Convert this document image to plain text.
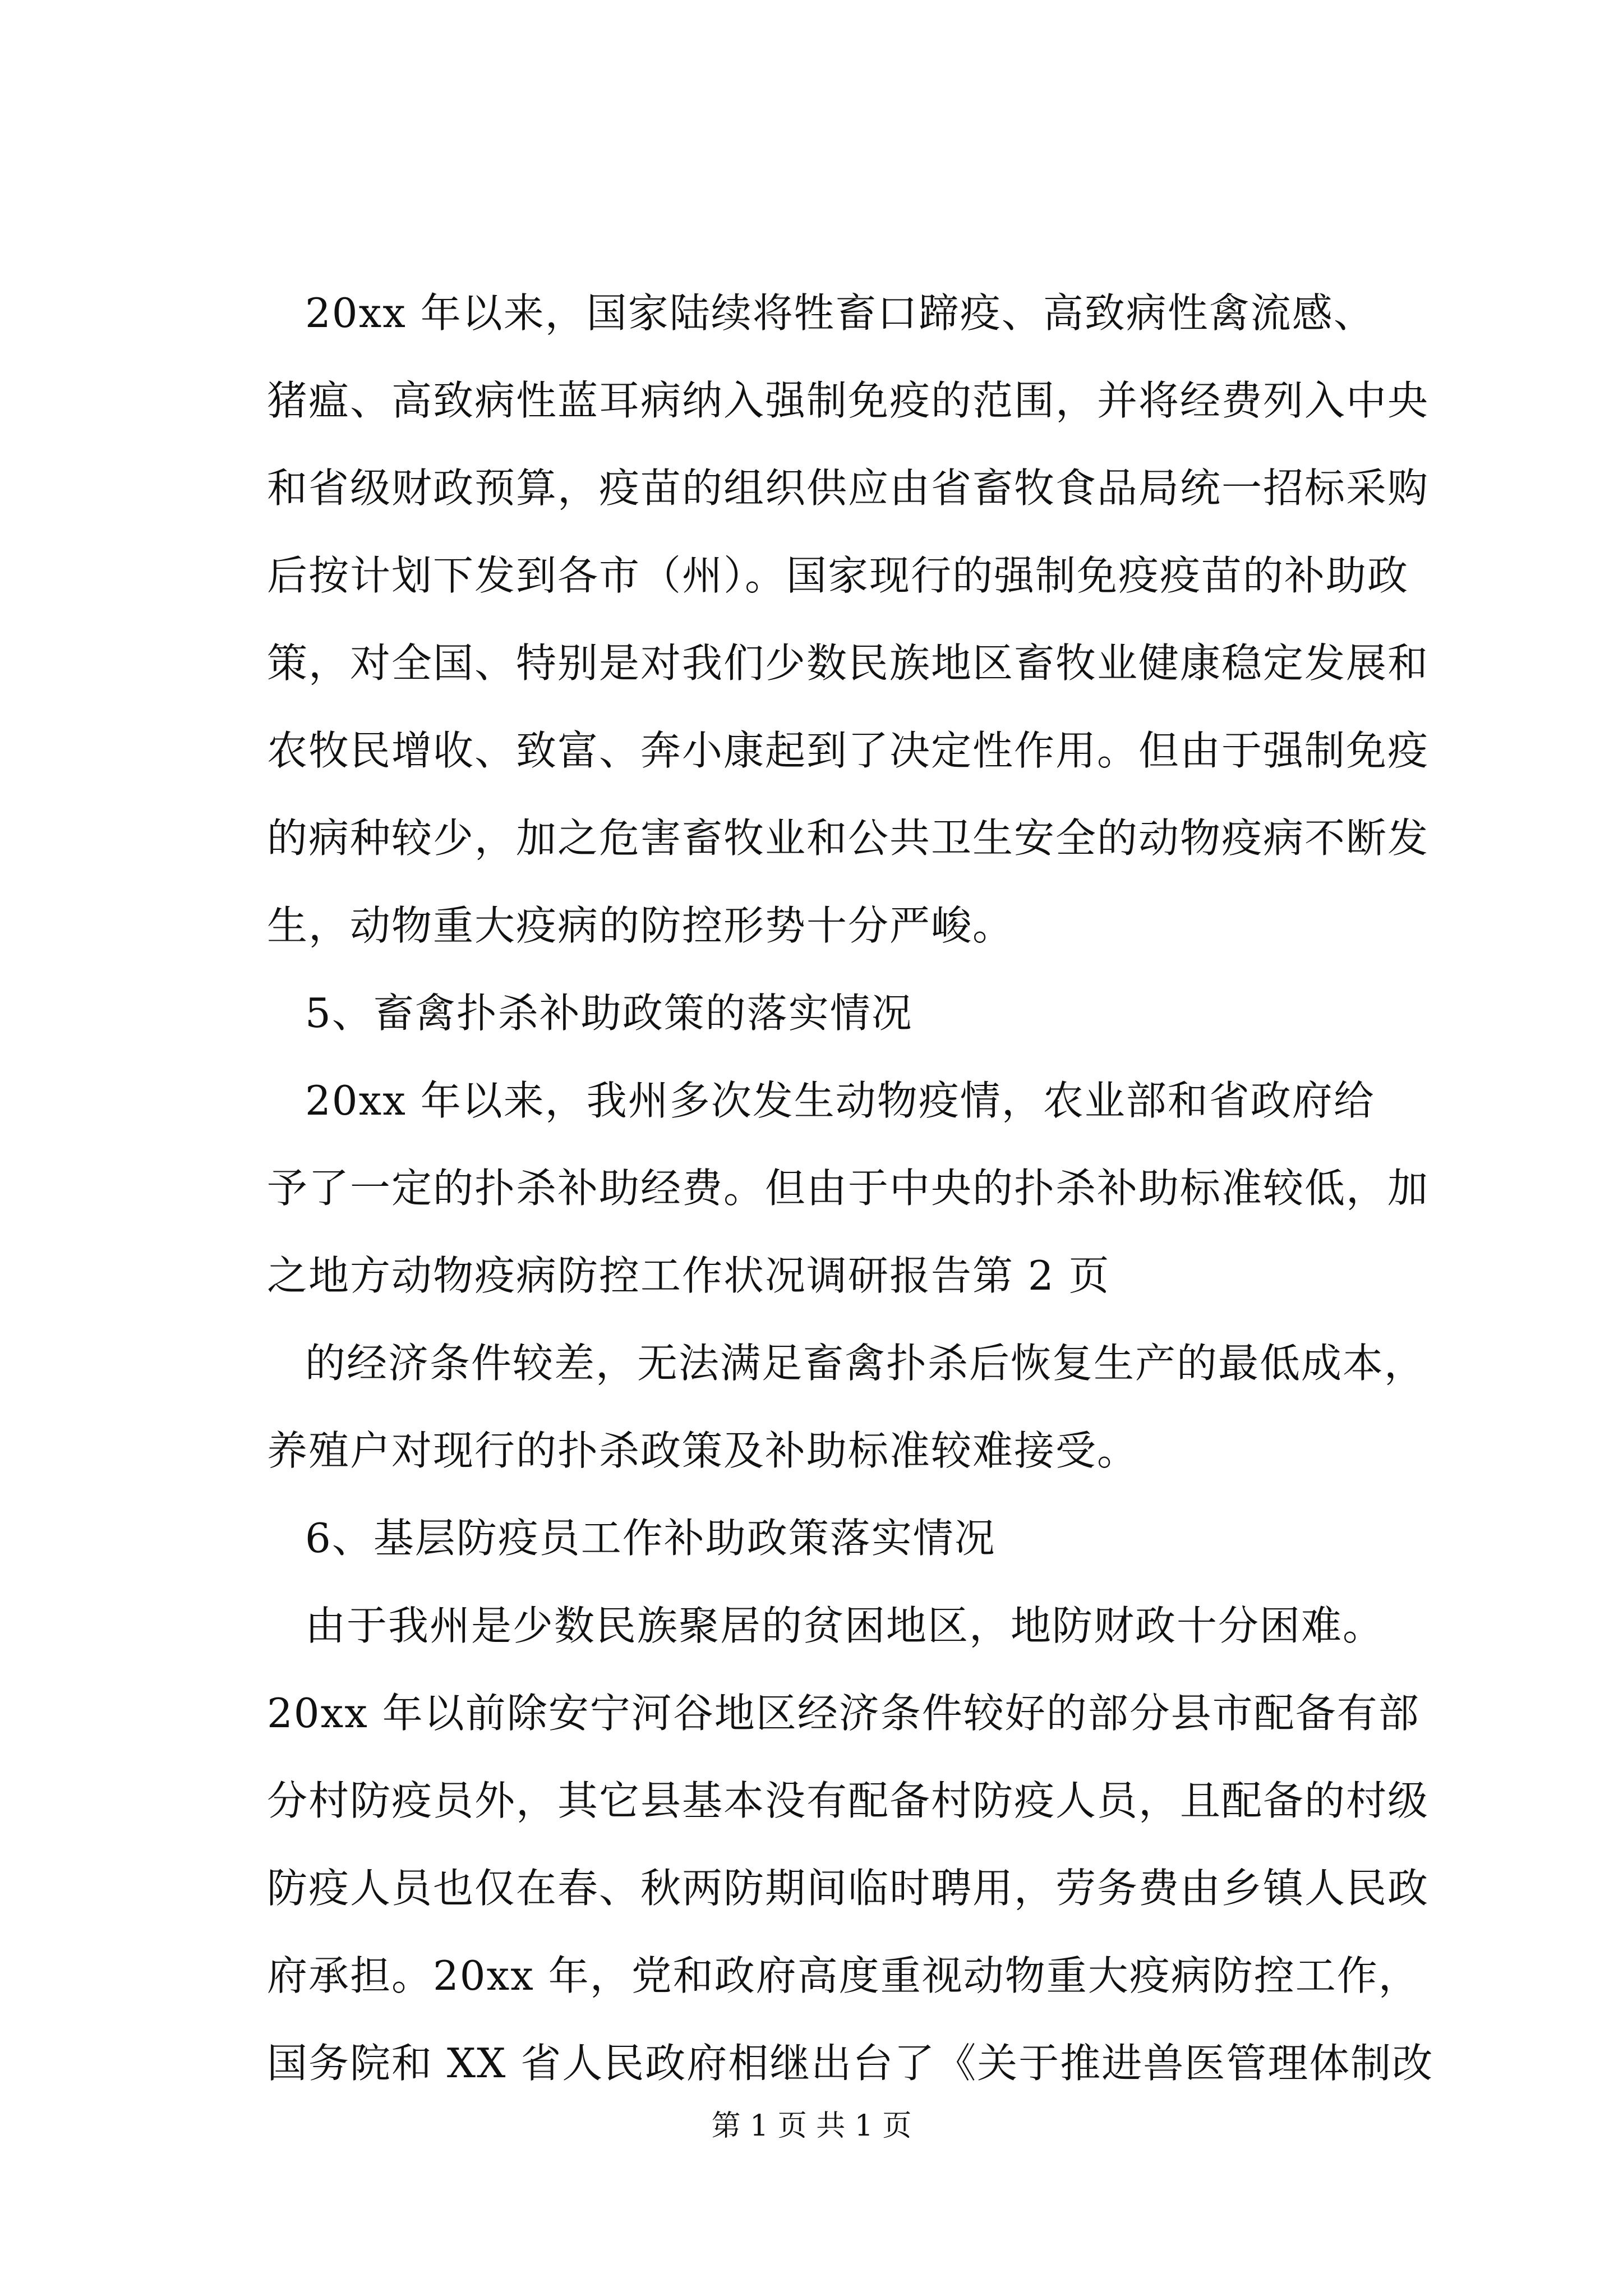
20xx 年以来，国家陆续将牲畜口蹄疫、高致病性禽流感、
猪瘟、高致病性蓝耳病纳入强制免疫的范围，并将经费列入中央
和省级财政预算，疫苗的组织供应由省畜牧食品局统一招标采购
后按计划下发到各市（州）。国家现行的强制免疫疫苗的补助政
策，对全国、特别是对我们少数民族地区畜牧业健康稳定发展和
农牧民增收、致富、奔小康起到了决定性作用。但由于强制免疫
的病种较少，加之危害畜牧业和公共卫生安全的动物疫病不断发
生，动物重大疫病的防控形势十分严峻。
5、畜禽扑杀补助政策的落实情况
20xx 年以来，我州多次发生动物疫情，农业部和省政府给
予了一定的扑杀补助经费。但由于中央的扑杀补助标准较低，加
之地方动物疫病防控工作状况调研报告第 2 页
的经济条件较差，无法满足畜禽扑杀后恢复生产的最低成本，
养殖户对现行的扑杀政策及补助标准较难接受。
6、基层防疫员工作补助政策落实情况
由于我州是少数民族聚居的贫困地区，地防财政十分困难。
20xx 年以前除安宁河谷地区经济条件较好的部分县市配备有部
分村防疫员外，其它县基本没有配备村防疫人员，且配备的村级
防疫人员也仅在春、秋两防期间临时聘用，劳务费由乡镇人民政
府承担。20xx 年，党和政府高度重视动物重大疫病防控工作，
国务院和 XX 省人民政府相继出台了《关于推进兽医管理体制改
第 1 页 共 1 页
